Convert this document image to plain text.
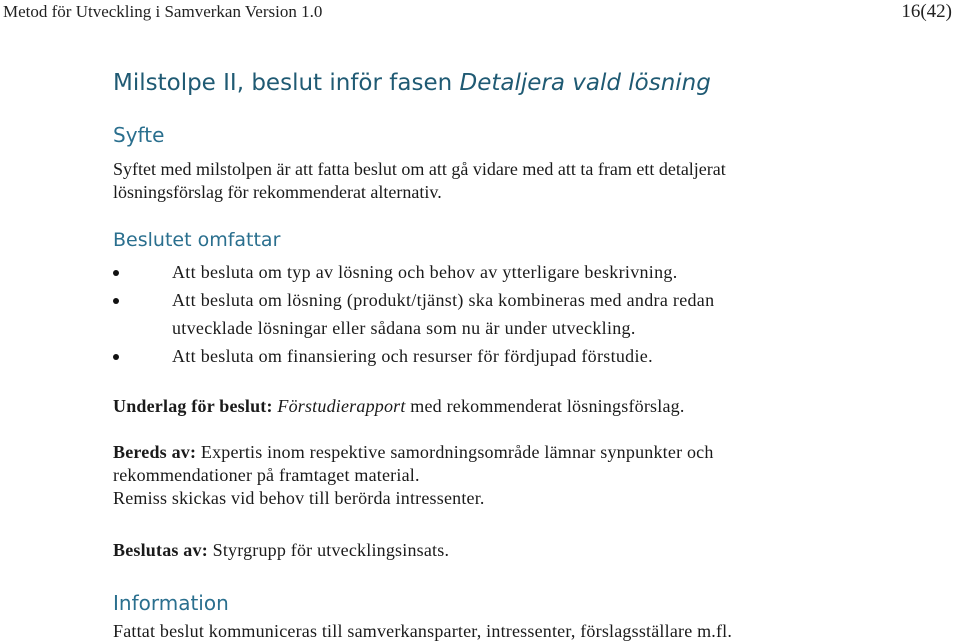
Metod för Utveckling i Samverkan Version 1.0	16(42)
Milstolpe II, beslut inför fasen Detaljera vald lösning
Syfte
Syftet med milstolpen är att fatta beslut om att gå vidare med att ta fram ett detaljerat
lösningsförslag för rekommenderat alternativ.
Beslutet omfattar
Att besluta om typ av lösning och behov av ytterligare beskrivning.
Att besluta om lösning (produkt/tjänst) ska kombineras med andra redan
utvecklade lösningar eller sådana som nu är under utveckling.
Att besluta om finansiering och resurser för fördjupad förstudie.
Underlag för beslut: Förstudierapport med rekommenderat lösningsförslag.
Bereds av: Expertis inom respektive samordningsområde lämnar synpunkter och
rekommendationer på framtaget material.
Remiss skickas vid behov till berörda intressenter.
Beslutas av: Styrgrupp för utvecklingsinsats.
Information
Fattat beslut kommuniceras till samverkansparter, intressenter, förslagsställare m.fl.
